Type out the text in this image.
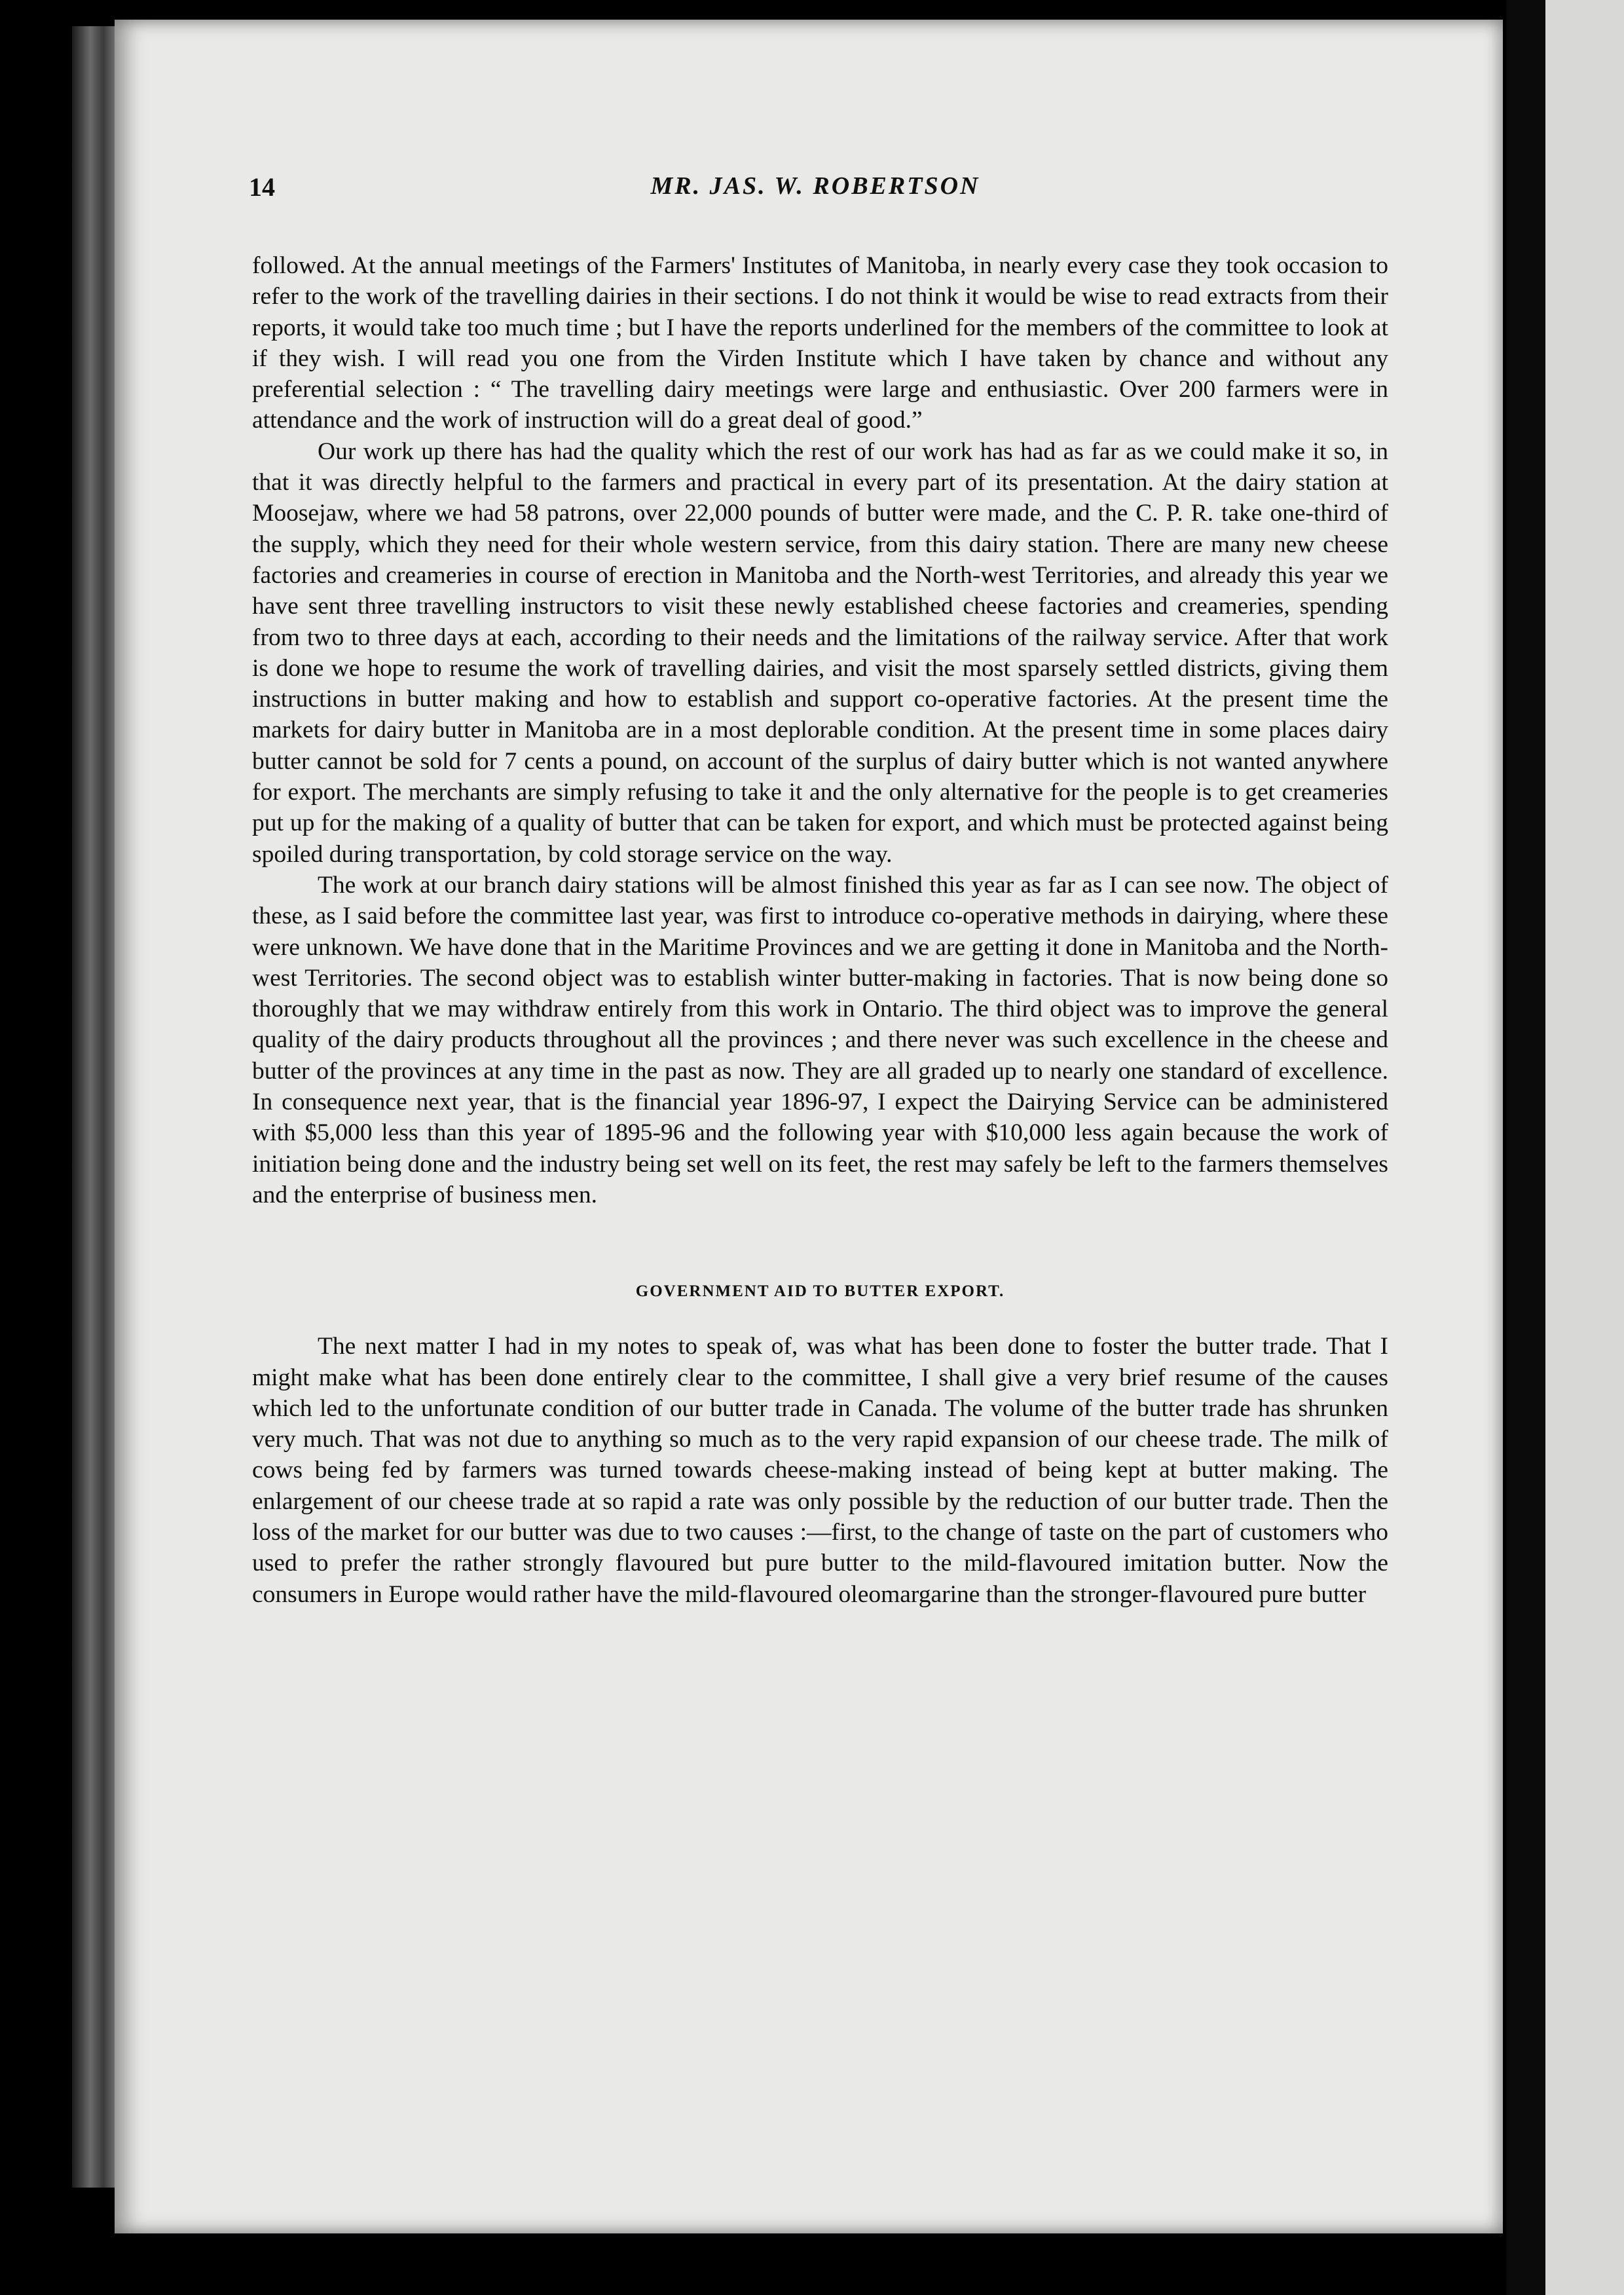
14	MR. JAS. W. ROBERTSON

followed. At the annual meetings of the Farmers' Institutes of Manitoba, in nearly every case they took occasion to refer to the work of the travelling dairies in their sections. I do not think it would be wise to read extracts from their reports, it would take too much time ; but I have the reports underlined for the members of the committee to look at if they wish. I will read you one from the Virden Institute which I have taken by chance and without any preferential selection : “ The travelling dairy meetings were large and enthusiastic. Over 200 farmers were in attendance and the work of instruction will do a great deal of good.”

Our work up there has had the quality which the rest of our work has had as far as we could make it so, in that it was directly helpful to the farmers and practical in every part of its presentation. At the dairy station at Moosejaw, where we had 58 patrons, over 22,000 pounds of butter were made, and the C. P. R. take one-third of the supply, which they need for their whole western service, from this dairy station. There are many new cheese factories and creameries in course of erection in Manitoba and the North-west Territories, and already this year we have sent three travelling instructors to visit these newly established cheese factories and creameries, spending from two to three days at each, according to their needs and the limitations of the railway service. After that work is done we hope to resume the work of travelling dairies, and visit the most sparsely settled districts, giving them instructions in butter making and how to establish and support co-operative factories. At the present time the markets for dairy butter in Manitoba are in a most deplorable condition. At the present time in some places dairy butter cannot be sold for 7 cents a pound, on account of the surplus of dairy butter which is not wanted anywhere for export. The merchants are simply refusing to take it and the only alternative for the people is to get creameries put up for the making of a quality of butter that can be taken for export, and which must be protected against being spoiled during transportation, by cold storage service on the way.

The work at our branch dairy stations will be almost finished this year as far as I can see now. The object of these, as I said before the committee last year, was first to introduce co-operative methods in dairying, where these were unknown. We have done that in the Maritime Provinces and we are getting it done in Manitoba and the North-west Territories. The second object was to establish winter butter-making in factories. That is now being done so thoroughly that we may withdraw entirely from this work in Ontario. The third object was to improve the general quality of the dairy products throughout all the provinces ; and there never was such excellence in the cheese and butter of the provinces at any time in the past as now. They are all graded up to nearly one standard of excellence. In consequence next year, that is the financial year 1896-97, I expect the Dairying Service can be administered with $5,000 less than this year of 1895-96 and the following year with $10,000 less again because the work of initiation being done and the industry being set well on its feet, the rest may safely be left to the farmers themselves and the enterprise of business men.

GOVERNMENT AID TO BUTTER EXPORT.

The next matter I had in my notes to speak of, was what has been done to foster the butter trade. That I might make what has been done entirely clear to the committee, I shall give a very brief resume of the causes which led to the unfortunate condition of our butter trade in Canada. The volume of the butter trade has shrunken very much. That was not due to anything so much as to the very rapid expansion of our cheese trade. The milk of cows being fed by farmers was turned towards cheese-making instead of being kept at butter making. The enlargement of our cheese trade at so rapid a rate was only possible by the reduction of our butter trade. Then the loss of the market for our butter was due to two causes :—first, to the change of taste on the part of customers who used to prefer the rather strongly flavoured but pure butter to the mild-flavoured imitation butter. Now the consumers in Europe would rather have the mild-flavoured oleomargarine than the stronger-flavoured pure butter
